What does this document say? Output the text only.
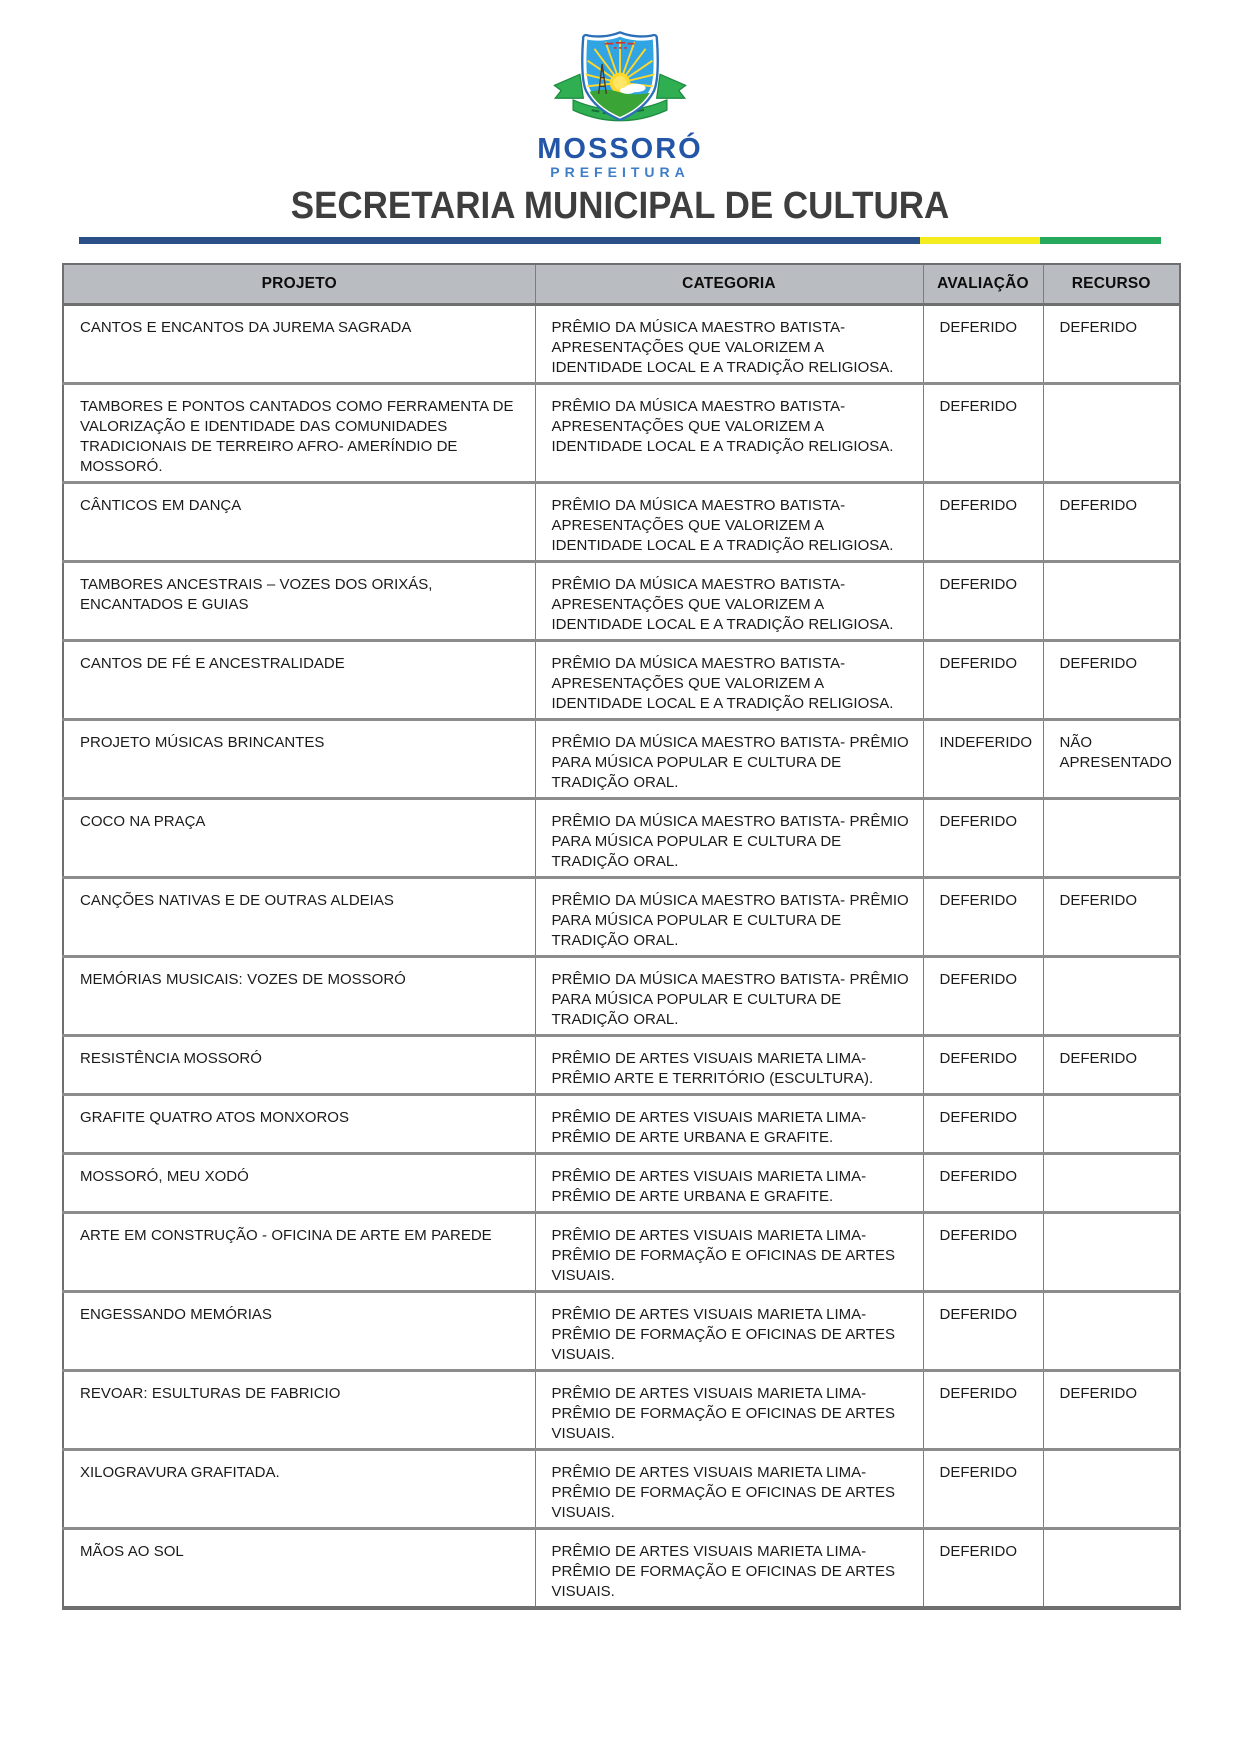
MOSSORÓ
PREFEITURA
SECRETARIA MUNICIPAL DE CULTURA
PROJETO	CATEGORIA	AVALIAÇÃO	RECURSO
CANTOS E ENCANTOS DA JUREMA SAGRADA	PRÊMIO DA MÚSICA MAESTRO BATISTA- APRESENTAÇÕES QUE VALORIZEM A IDENTIDADE LOCAL E A TRADIÇÃO RELIGIOSA.	DEFERIDO	DEFERIDO
TAMBORES E PONTOS CANTADOS COMO FERRAMENTA DE VALORIZAÇÃO E IDENTIDADE DAS COMUNIDADES TRADICIONAIS DE TERREIRO AFRO- AMERÍNDIO DE MOSSORÓ.	PRÊMIO DA MÚSICA MAESTRO BATISTA- APRESENTAÇÕES QUE VALORIZEM A IDENTIDADE LOCAL E A TRADIÇÃO RELIGIOSA.	DEFERIDO	
CÂNTICOS EM DANÇA	PRÊMIO DA MÚSICA MAESTRO BATISTA- APRESENTAÇÕES QUE VALORIZEM A IDENTIDADE LOCAL E A TRADIÇÃO RELIGIOSA.	DEFERIDO	DEFERIDO
TAMBORES ANCESTRAIS – VOZES DOS ORIXÁS, ENCANTADOS E GUIAS	PRÊMIO DA MÚSICA MAESTRO BATISTA- APRESENTAÇÕES QUE VALORIZEM A IDENTIDADE LOCAL E A TRADIÇÃO RELIGIOSA.	DEFERIDO	
CANTOS DE FÉ E ANCESTRALIDADE	PRÊMIO DA MÚSICA MAESTRO BATISTA- APRESENTAÇÕES QUE VALORIZEM A IDENTIDADE LOCAL E A TRADIÇÃO RELIGIOSA.	DEFERIDO	DEFERIDO
PROJETO MÚSICAS BRINCANTES	PRÊMIO DA MÚSICA MAESTRO BATISTA- PRÊMIO PARA MÚSICA POPULAR E CULTURA DE TRADIÇÃO ORAL.	INDEFERIDO	NÃO APRESENTADO
COCO NA PRAÇA	PRÊMIO DA MÚSICA MAESTRO BATISTA- PRÊMIO PARA MÚSICA POPULAR E CULTURA DE TRADIÇÃO ORAL.	DEFERIDO	
CANÇÕES NATIVAS E DE OUTRAS ALDEIAS	PRÊMIO DA MÚSICA MAESTRO BATISTA- PRÊMIO PARA MÚSICA POPULAR E CULTURA DE TRADIÇÃO ORAL.	DEFERIDO	DEFERIDO
MEMÓRIAS MUSICAIS: VOZES DE MOSSORÓ	PRÊMIO DA MÚSICA MAESTRO BATISTA- PRÊMIO PARA MÚSICA POPULAR E CULTURA DE TRADIÇÃO ORAL.	DEFERIDO	
RESISTÊNCIA MOSSORÓ	PRÊMIO DE ARTES VISUAIS MARIETA LIMA- PRÊMIO ARTE E TERRITÓRIO (ESCULTURA).	DEFERIDO	DEFERIDO
GRAFITE QUATRO ATOS MONXOROS	PRÊMIO DE ARTES VISUAIS MARIETA LIMA- PRÊMIO DE ARTE URBANA E GRAFITE.	DEFERIDO	
MOSSORÓ, MEU XODÓ	PRÊMIO DE ARTES VISUAIS MARIETA LIMA- PRÊMIO DE ARTE URBANA E GRAFITE.	DEFERIDO	
ARTE EM CONSTRUÇÃO - OFICINA DE ARTE EM PAREDE	PRÊMIO DE ARTES VISUAIS MARIETA LIMA- PRÊMIO DE FORMAÇÃO E OFICINAS DE ARTES VISUAIS.	DEFERIDO	
ENGESSANDO MEMÓRIAS	PRÊMIO DE ARTES VISUAIS MARIETA LIMA- PRÊMIO DE FORMAÇÃO E OFICINAS DE ARTES VISUAIS.	DEFERIDO	
REVOAR: ESULTURAS DE FABRICIO	PRÊMIO DE ARTES VISUAIS MARIETA LIMA- PRÊMIO DE FORMAÇÃO E OFICINAS DE ARTES VISUAIS.	DEFERIDO	DEFERIDO
XILOGRAVURA GRAFITADA.	PRÊMIO DE ARTES VISUAIS MARIETA LIMA- PRÊMIO DE FORMAÇÃO E OFICINAS DE ARTES VISUAIS.	DEFERIDO	
MÃOS AO SOL	PRÊMIO DE ARTES VISUAIS MARIETA LIMA- PRÊMIO DE FORMAÇÃO E OFICINAS DE ARTES VISUAIS.	DEFERIDO	
